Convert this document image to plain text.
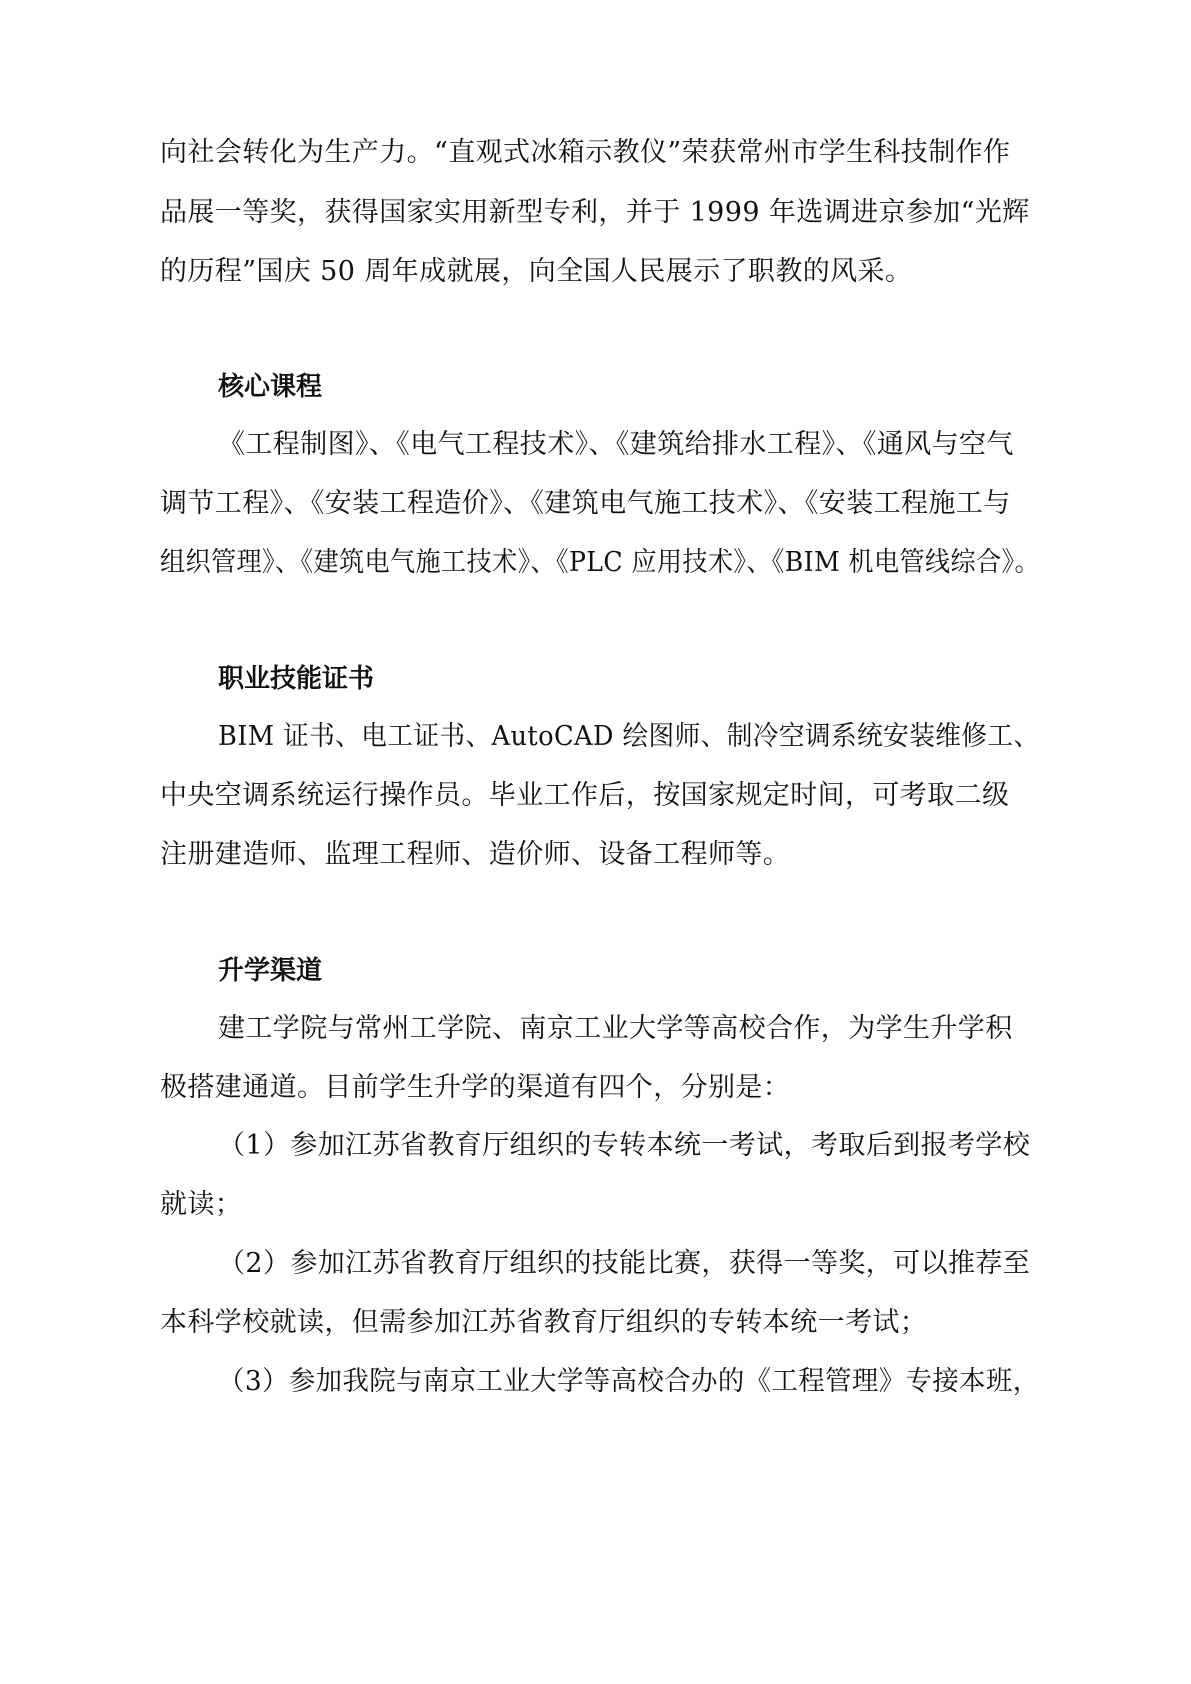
向社会转化为生产力。“直观式冰箱示教仪”荣获常州市学生科技制作作
品展一等奖，获得国家实用新型专利，并于 1999 年选调进京参加“光辉
的历程”国庆 50 周年成就展，向全国人民展示了职教的风采。
核心课程
《工程制图》、《电气工程技术》、《建筑给排水工程》、《通风与空气
调节工程》、《安装工程造价》、《建筑电气施工技术》、《安装工程施工与
组织管理》、《建筑电气施工技术》、《PLC 应用技术》、《BIM 机电管线综合》。
职业技能证书
BIM 证书、电工证书、AutoCAD 绘图师、制冷空调系统安装维修工、
中央空调系统运行操作员。毕业工作后，按国家规定时间，可考取二级
注册建造师、监理工程师、造价师、设备工程师等。
升学渠道
建工学院与常州工学院、南京工业大学等高校合作，为学生升学积
极搭建通道。目前学生升学的渠道有四个，分别是：
（1）参加江苏省教育厅组织的专转本统一考试，考取后到报考学校
就读；
（2）参加江苏省教育厅组织的技能比赛，获得一等奖，可以推荐至
本科学校就读，但需参加江苏省教育厅组织的专转本统一考试；
（3）参加我院与南京工业大学等高校合办的《工程管理》专接本班，
